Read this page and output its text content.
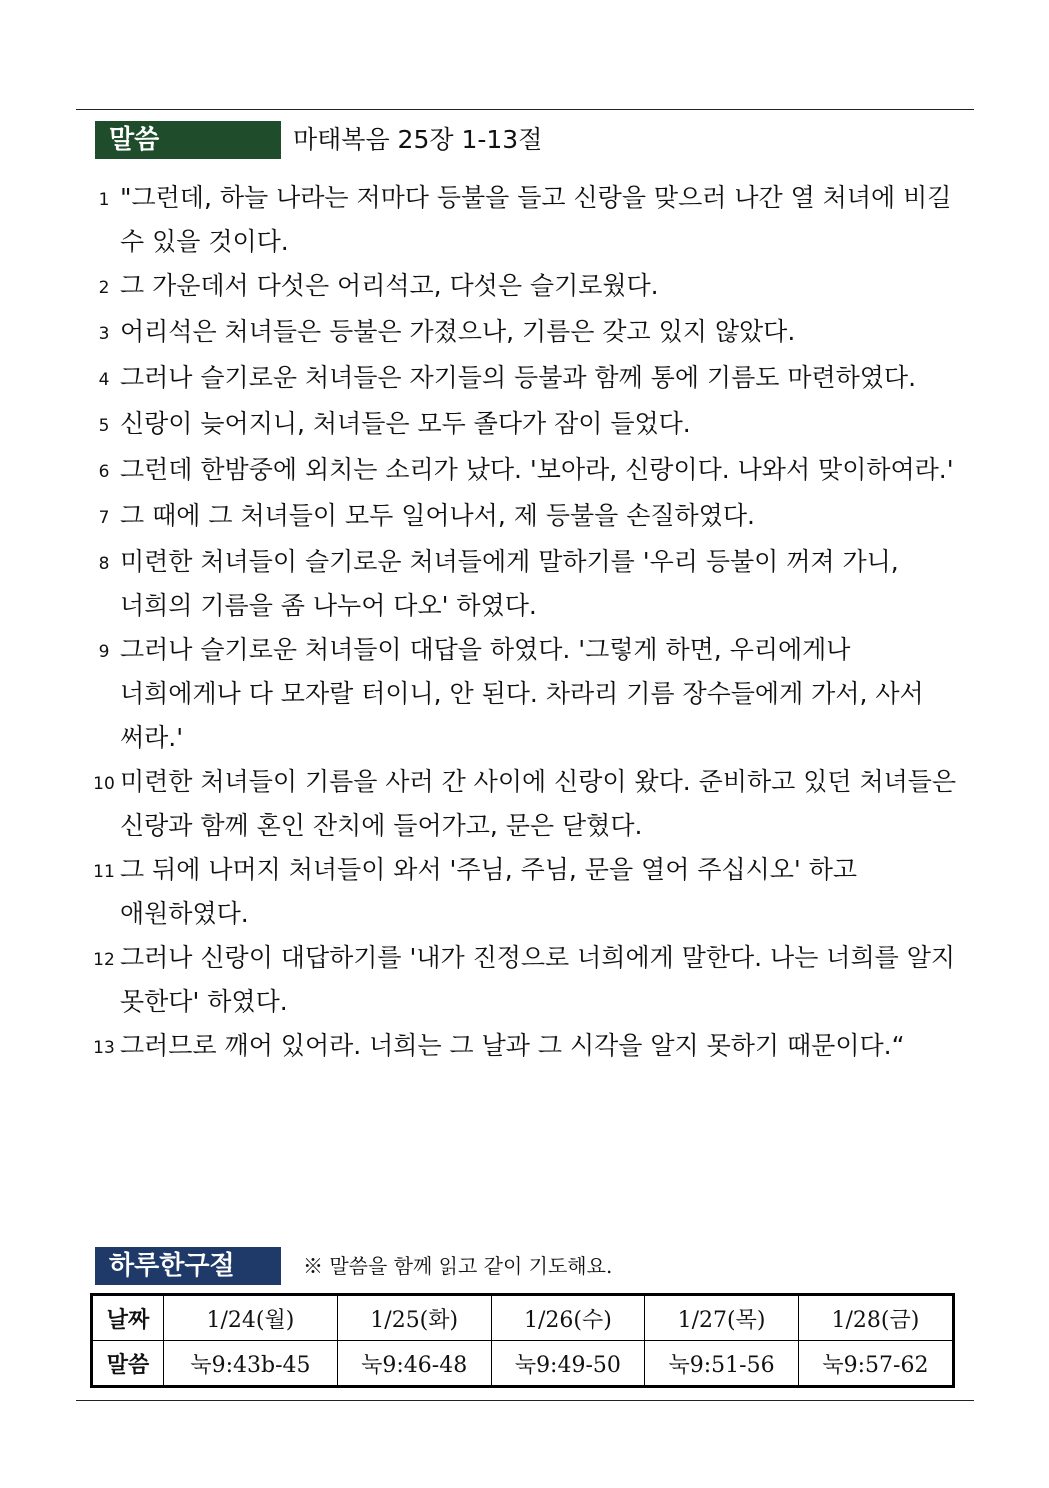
말씀	마태복음 25장 1-13절
1 "그런데, 하늘 나라는 저마다 등불을 들고 신랑을 맞으러 나간 열 처녀에 비길 수 있을 것이다.
2 그 가운데서 다섯은 어리석고, 다섯은 슬기로웠다.
3 어리석은 처녀들은 등불은 가졌으나, 기름은 갖고 있지 않았다.
4 그러나 슬기로운 처녀들은 자기들의 등불과 함께 통에 기름도 마련하였다.
5 신랑이 늦어지니, 처녀들은 모두 졸다가 잠이 들었다.
6 그런데 한밤중에 외치는 소리가 났다. '보아라, 신랑이다. 나와서 맞이하여라.'
7 그 때에 그 처녀들이 모두 일어나서, 제 등불을 손질하였다.
8 미련한 처녀들이 슬기로운 처녀들에게 말하기를 '우리 등불이 꺼져 가니, 너희의 기름을 좀 나누어 다오' 하였다.
9 그러나 슬기로운 처녀들이 대답을 하였다. '그렇게 하면, 우리에게나 너희에게나 다 모자랄 터이니, 안 된다. 차라리 기름 장수들에게 가서, 사서 써라.'
10 미련한 처녀들이 기름을 사러 간 사이에 신랑이 왔다. 준비하고 있던 처녀들은 신랑과 함께 혼인 잔치에 들어가고, 문은 닫혔다.
11 그 뒤에 나머지 처녀들이 와서 '주님, 주님, 문을 열어 주십시오' 하고 애원하였다.
12 그러나 신랑이 대답하기를 '내가 진정으로 너희에게 말한다. 나는 너희를 알지 못한다' 하였다.
13 그러므로 깨어 있어라. 너희는 그 날과 그 시각을 알지 못하기 때문이다.“
하루한구절	※ 말씀을 함께 읽고 같이 기도해요.
날짜	1/24(월)	1/25(화)	1/26(수)	1/27(목)	1/28(금)
말씀	눅9:43b-45	눅9:46-48	눅9:49-50	눅9:51-56	눅9:57-62
